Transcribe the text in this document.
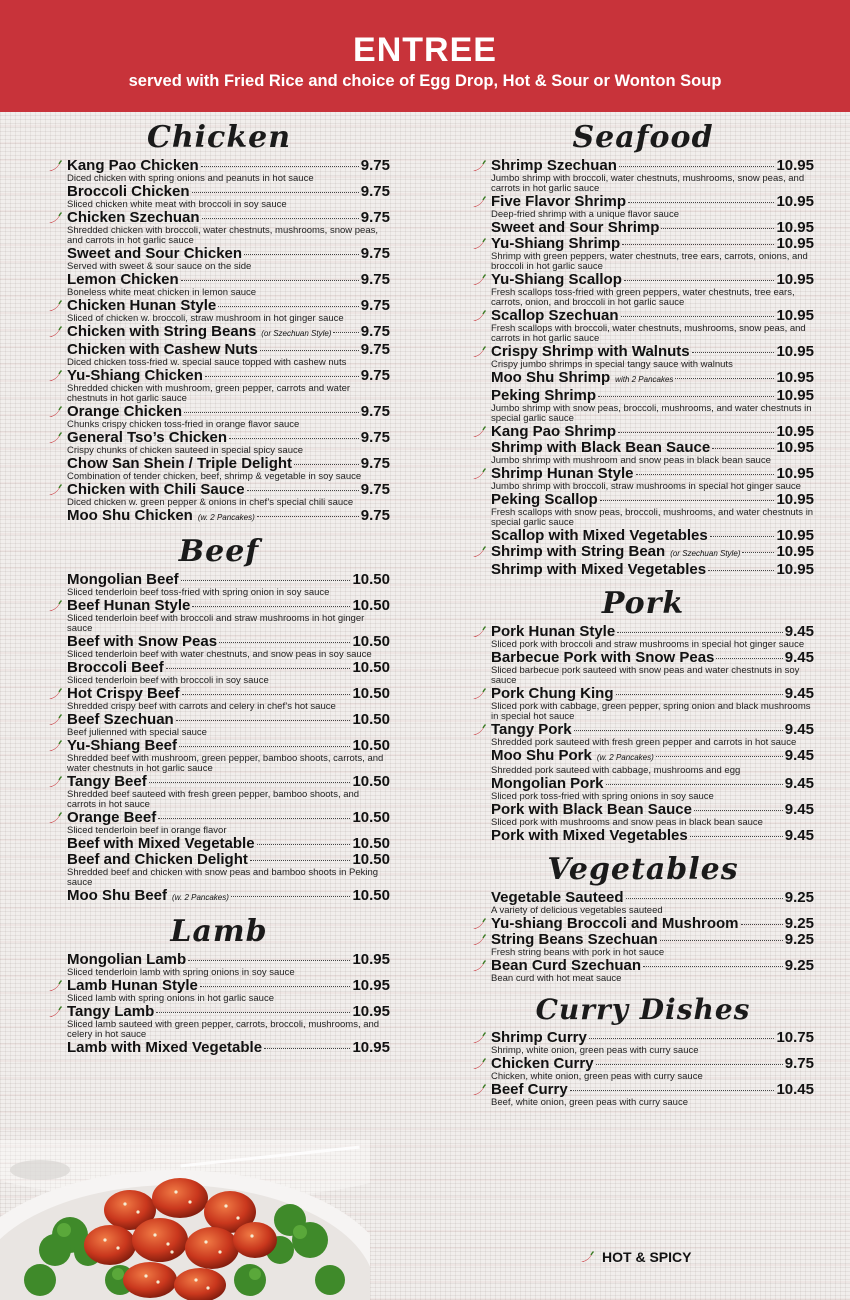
ENTREE
served with Fried Rice and choice of Egg Drop, Hot & Sour or Wonton Soup
Chicken
Kang Pao Chicken	9.75
Diced chicken with spring onions and peanuts in hot sauce
Broccoli Chicken	9.75
Sliced chicken white meat with broccoli in soy sauce
Chicken Szechuan	9.75
Shredded chicken with broccoli, water chestnuts, mushrooms, snow peas, and carrots in hot garlic sauce
Sweet and Sour Chicken	9.75
Served with sweet & sour sauce on the side
Lemon Chicken	9.75
Boneless white meat chicken in lemon sauce
Chicken Hunan Style	9.75
Sliced of chicken w. broccoli, straw mushroom in hot ginger sauce
Chicken with String Beans (or Szechuan Style) 9.75
Chicken with Cashew Nuts	9.75
Diced chicken toss-fried w. special sauce topped with cashew nuts
Yu-Shiang Chicken	9.75
Shredded chicken with mushroom, green pepper, carrots and water chestnuts in hot garlic sauce
Orange Chicken	9.75
Chunks crispy chicken toss-fried in orange flavor sauce
General Tso’s Chicken	9.75
Crispy chunks of chicken sauteed in special spicy sauce
Chow San Shein / Triple Delight	9.75
Combination of tender chicken, beef, shrimp & vegetable in soy sauce
Chicken with Chili Sauce	9.75
Diced chicken w. green pepper & onions in chef’s special chili sauce
Moo Shu Chicken (w. 2 Pancakes)	9.75
Beef
Mongolian Beef	10.50
Sliced tenderloin beef toss-fried with spring onion in soy sauce
Beef Hunan Style	10.50
Sliced tenderloin beef with broccoli and straw mushrooms in hot ginger sauce
Beef with Snow Peas	10.50
Sliced tenderloin beef with water chestnuts, and snow peas in soy sauce
Broccoli Beef	10.50
Sliced tenderloin beef with broccoli in soy sauce
Hot Crispy Beef	10.50
Shredded crispy beef with carrots and celery in chef’s hot sauce
Beef Szechuan	10.50
Beef julienned with special sauce
Yu-Shiang Beef	10.50
Shredded beef with mushroom, green pepper, bamboo shoots, carrots, and water chestnuts in hot garlic sauce
Tangy Beef	10.50
Shredded beef sauteed with fresh green pepper, bamboo shoots, and carrots in hot sauce
Orange Beef	10.50
Sliced tenderloin beef in orange flavor
Beef with Mixed Vegetable	10.50
Beef and Chicken Delight	10.50
Shredded beef and chicken with snow peas and bamboo shoots in Peking sauce
Moo Shu Beef (w. 2 Pancakes)	10.50
Lamb
Mongolian Lamb	10.95
Sliced tenderloin lamb with spring onions in soy sauce
Lamb Hunan Style	10.95
Sliced lamb with spring onions in hot garlic sauce
Tangy Lamb	10.95
Sliced lamb sauteed with green pepper, carrots, broccoli, mushrooms, and celery in hot sauce
Lamb with Mixed Vegetable	10.95
Seafood
Shrimp Szechuan	10.95
Jumbo shrimp with broccoli, water chestnuts, mushrooms, snow peas, and carrots in hot garlic sauce
Five Flavor Shrimp	10.95
Deep-fried shrimp with a unique flavor sauce
Sweet and Sour Shrimp	10.95
Yu-Shiang Shrimp	10.95
Shrimp with green peppers, water chestnuts, tree ears, carrots, onions, and broccoli in hot garlic sauce
Yu-Shiang Scallop	10.95
Fresh scallops toss-fried with green peppers, water chestnuts, tree ears, carrots, onion, and broccoli in hot garlic sauce
Scallop Szechuan	10.95
Fresh scallops with broccoli, water chestnuts, mushrooms, snow peas, and carrots in hot garlic sauce
Crispy Shrimp with Walnuts	10.95
Crispy jumbo shrimps in special tangy sauce with walnuts
Moo Shu Shrimp with 2 Pancakes	10.95
Peking Shrimp	10.95
Jumbo shrimp with snow peas, broccoli, mushrooms, and water chestnuts in special garlic sauce
Kang Pao Shrimp	10.95
Shrimp with Black Bean Sauce	10.95
Jumbo shrimp with mushroom and snow peas in black bean sauce
Shrimp Hunan Style	10.95
Jumbo shrimp with broccoli, straw mushrooms in special hot ginger sauce
Peking Scallop	10.95
Fresh scallops with snow peas, broccoli, mushrooms, and water chestnuts in special garlic sauce
Scallop with Mixed Vegetables	10.95
Shrimp with String Bean (or Szechuan Style) 10.95
Shrimp with Mixed Vegetables	10.95
Pork
Pork Hunan Style	9.45
Sliced pork with broccoli and straw mushrooms in special hot ginger sauce
Barbecue Pork with Snow Peas	9.45
Sliced barbecue pork sauteed with snow peas and water chestnuts in soy sauce
Pork Chung King	9.45
Sliced pork with cabbage, green pepper, spring onion and black mushrooms in special hot sauce
Tangy Pork	9.45
Shredded pork sauteed with fresh green pepper and carrots in hot sauce
Moo Shu Pork (w. 2 Pancakes)	9.45
Shredded pork sauteed with cabbage, mushrooms and egg
Mongolian Pork	9.45
Sliced pork toss-fried with spring onions in soy sauce
Pork with Black Bean Sauce	9.45
Sliced pork with mushrooms and snow peas in black bean sauce
Pork with Mixed Vegetables	9.45
Vegetables
Vegetable Sauteed	9.25
A variety of delicious vegetables sauteed
Yu-shiang Broccoli and Mushroom	9.25
String Beans Szechuan	9.25
Fresh string beans with pork in hot sauce
Bean Curd Szechuan	9.25
Bean curd with hot meat sauce
Curry Dishes
Shrimp Curry	10.75
Shrimp, white onion, green peas with curry sauce
Chicken Curry	9.75
Chicken, white onion, green peas with curry sauce
Beef Curry	10.45
Beef, white onion, green peas with curry sauce
HOT & SPICY
